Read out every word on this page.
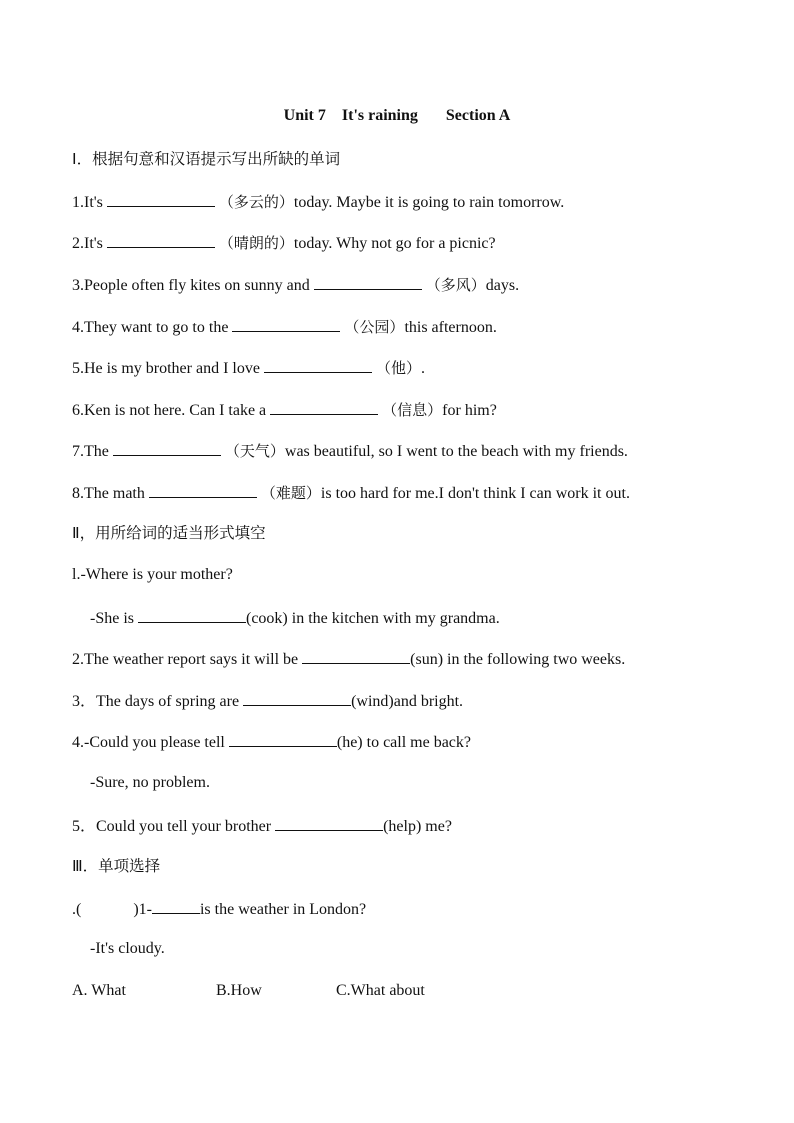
Unit 7    It's raining       Section A
I．根据句意和汉语提示写出所缺的单词
1.It's	（多云的）today. Maybe it is going to rain tomorrow.
2.It's	（晴朗的）today. Why not go for a picnic?
3.People often fly kites on sunny and	（多风）days.
4.They want to go to the	（公园）this afternoon.
5.He is my brother and I love	（他）.
6.Ken is not here. Can I take a	（信息）for him?
7.The	（天气）was beautiful, so I went to the beach with my friends.
8.The math	（难题）is too hard for me.I don't think I can work it out.
Ⅱ，用所给词的适当形式填空
l.-Where is your mother?
-She is	(cook) in the kitchen with my grandma.
2.The weather report says it will be	(sun) in the following two weeks.
3．The days of spring are	(wind)and bright.
4.-Could you please tell	(he) to call me back?
-Sure, no problem.
5．Could you tell your brother	(help) me?
Ⅲ．单项选择
.(	)1-	is the weather in London?
-It's cloudy.
A. What	B.How	C.What about
